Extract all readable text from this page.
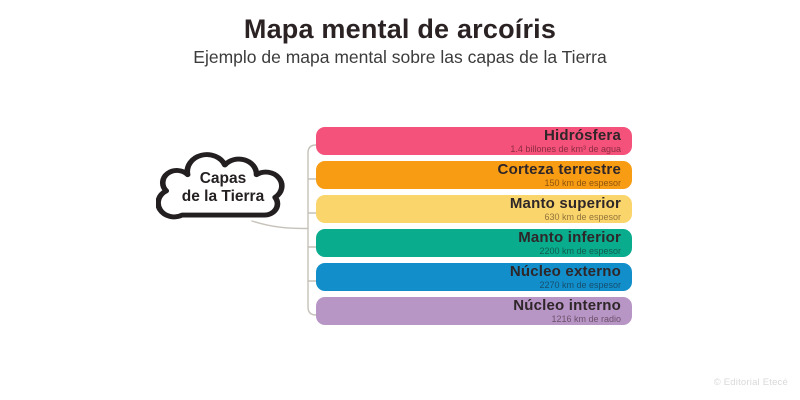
Mapa mental de arcoíris

Ejemplo de mapa mental sobre las capas de la Tierra

Capas
de la Tierra
Hidrósfera
1.4 billones de km³ de agua
Corteza terrestre
150 km de espesor
Manto superior
630 km de espesor
Manto inferior
2200 km de espesor
Núcleo externo
2270 km de espesor
Núcleo interno
1216 km de radio
© Editorial Etecé
